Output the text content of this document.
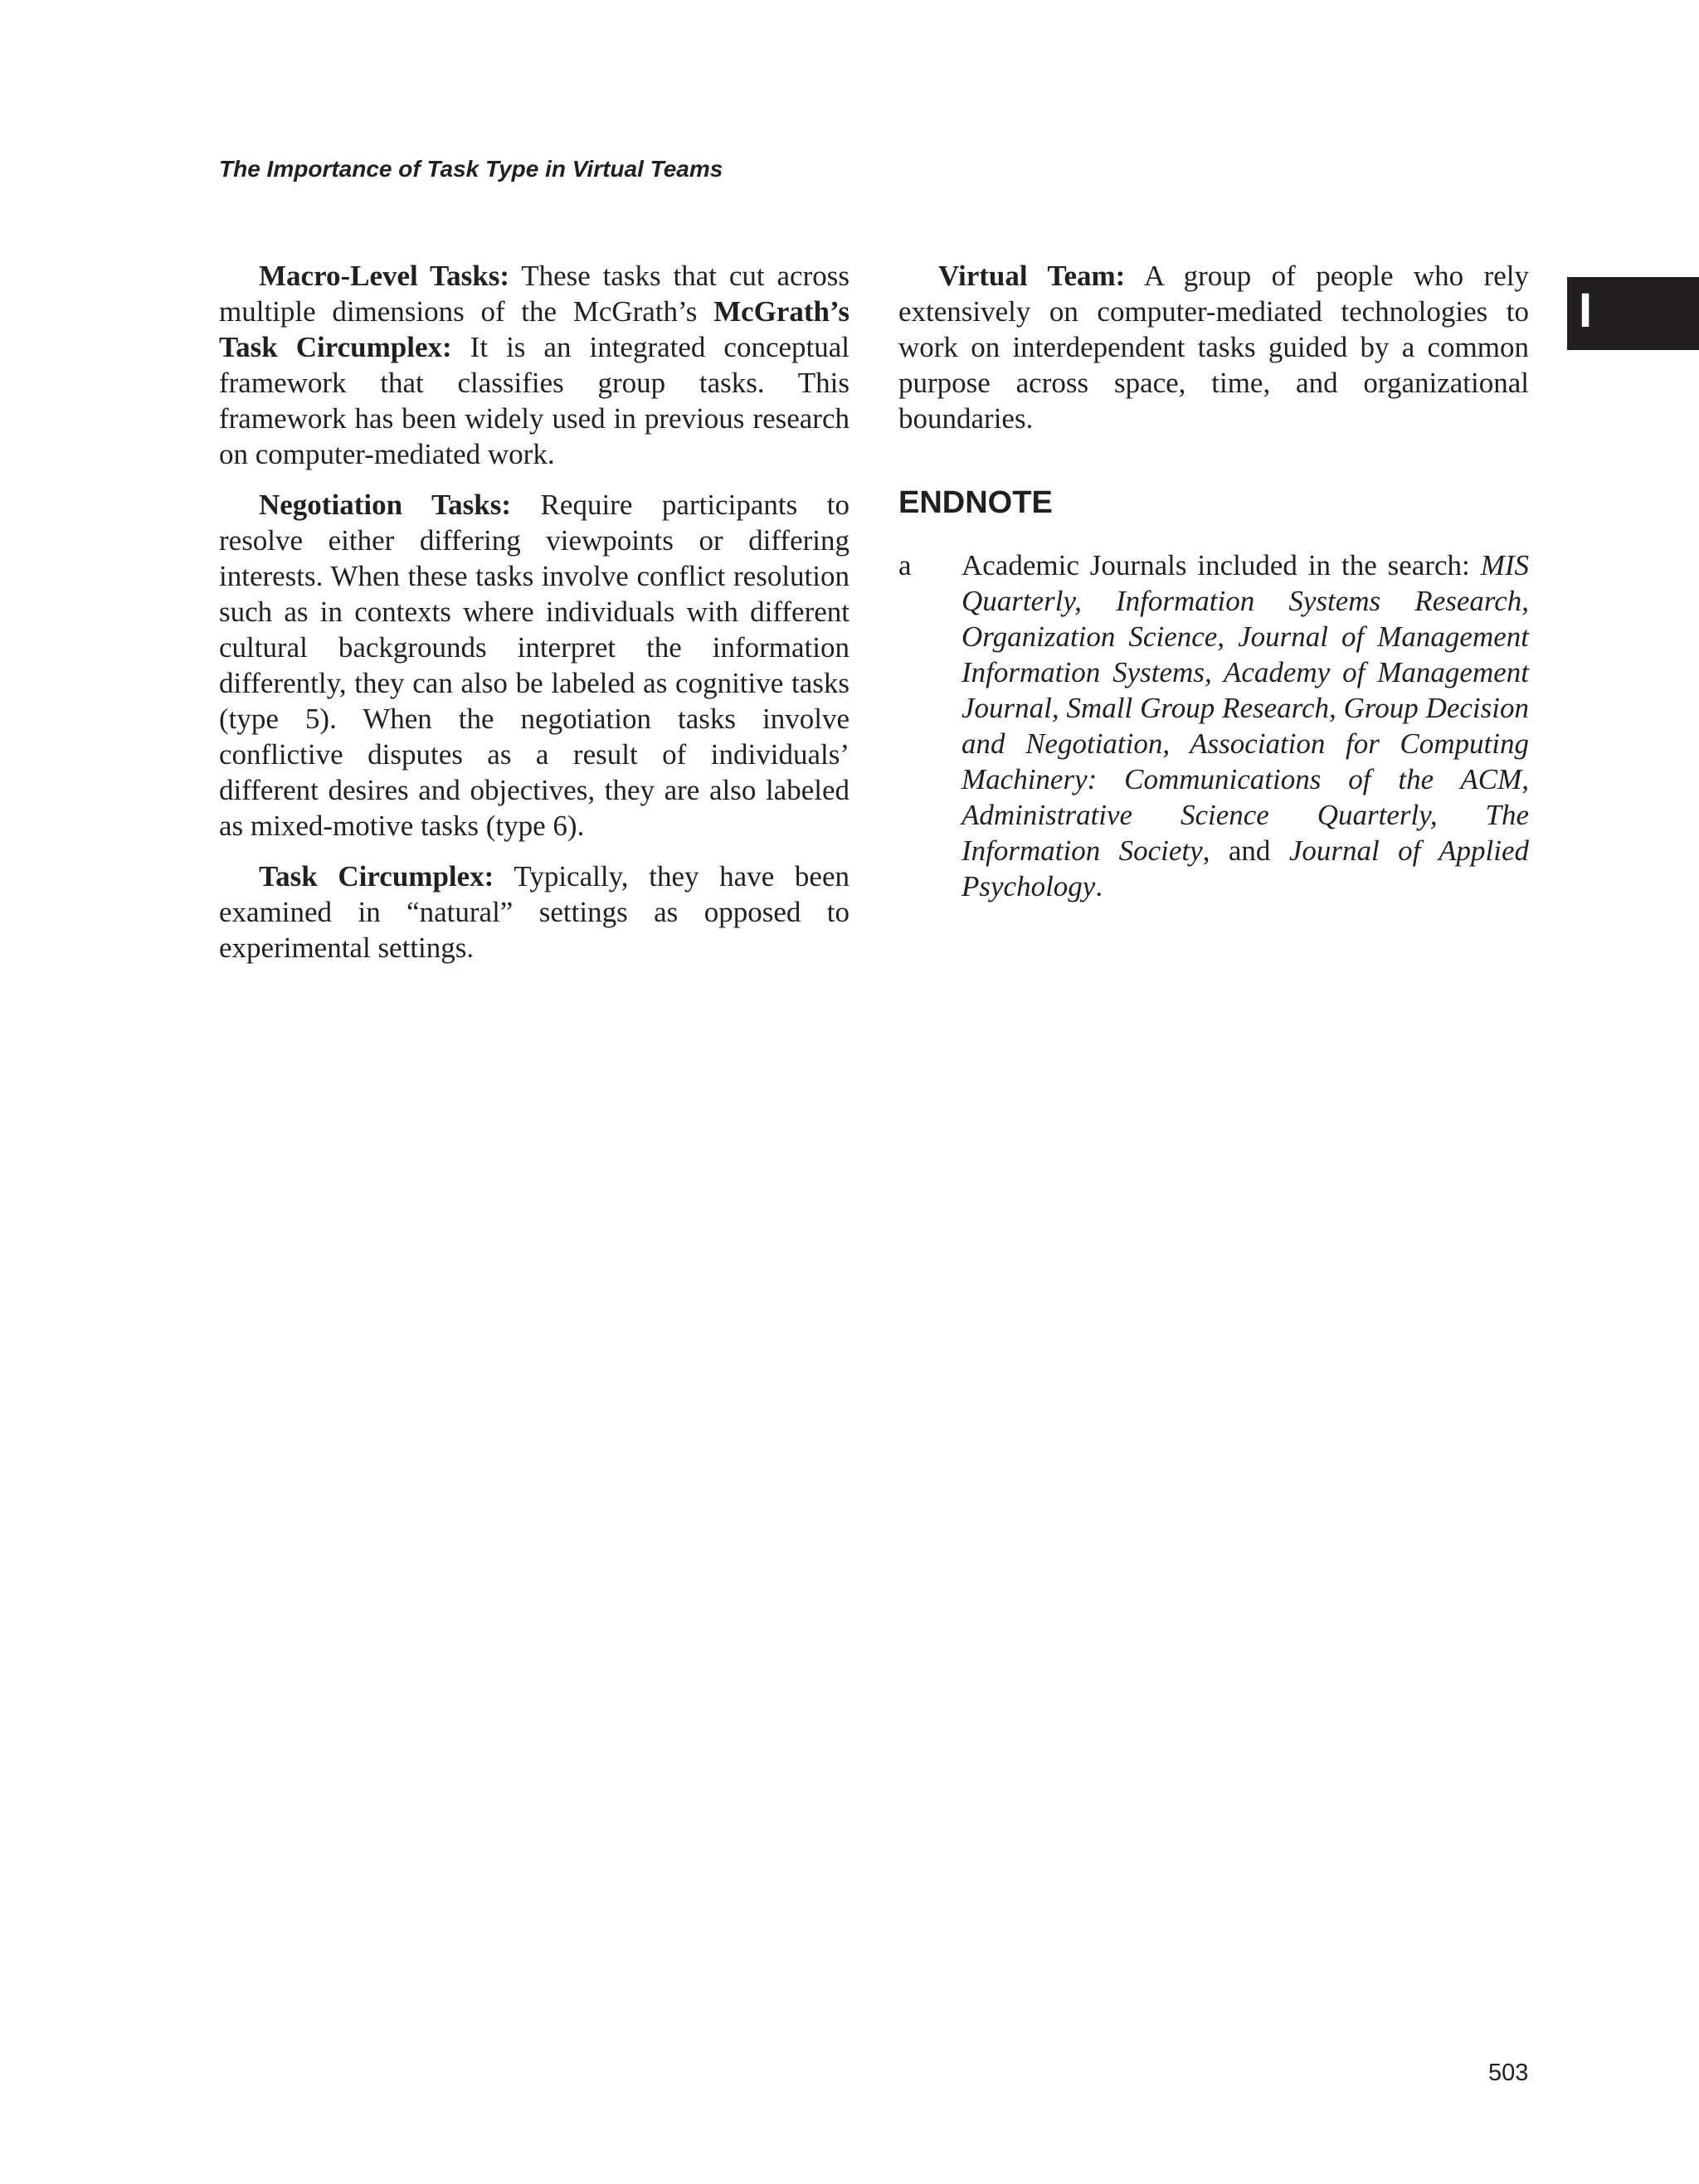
The Importance of Task Type in Virtual Teams
I

Macro-Level Tasks: These tasks that cut across multiple dimensions of the McGrath’s McGrath’s Task Circumplex: It is an integrated conceptual framework that classifies group tasks. This framework has been widely used in previous research on computer-mediated work.

Negotiation Tasks: Require participants to resolve either differing viewpoints or differing interests. When these tasks involve conflict resolution such as in contexts where individuals with different cultural backgrounds interpret the information differently, they can also be labeled as cognitive tasks (type 5). When the negotiation tasks involve conflictive disputes as a result of individuals’ different desires and objectives, they are also labeled as mixed-motive tasks (type 6).

Task Circumplex: Typically, they have been examined in “natural” settings as opposed to experimental settings.

Virtual Team: A group of people who rely extensively on computer-mediated technologies to work on interdependent tasks guided by a common purpose across space, time, and organizational boundaries.

ENDNOTE
a	Academic Journals included in the search: MIS Quarterly, Information Systems Research, Organization Science, Journal of Management Information Systems, Academy of Management Journal, Small Group Research, Group Decision and Negotiation, Association for Computing Machinery: Communications of the ACM, Administrative Science Quarterly, The Information Society, and Journal of Applied Psychology.
503
